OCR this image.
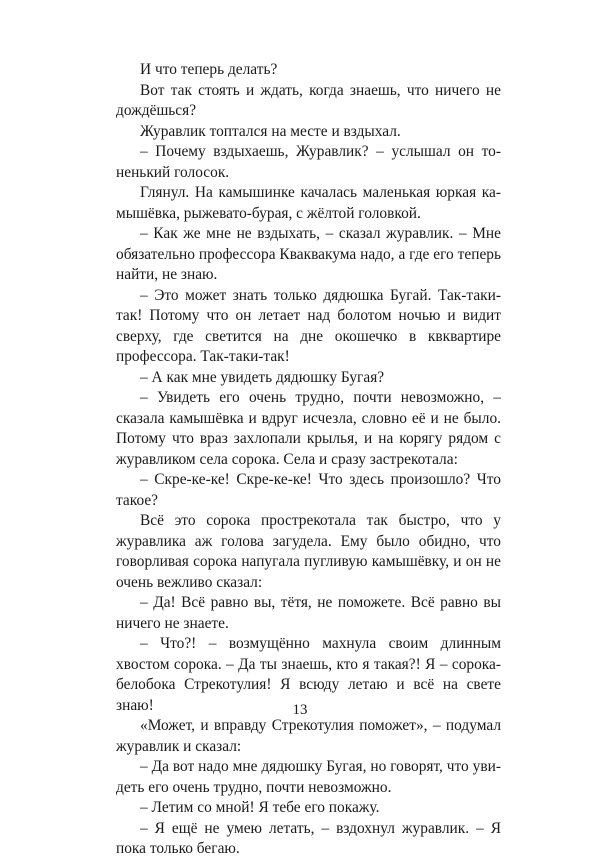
И что теперь делать?

Вот так стоять и ждать, когда знаешь, что ничего не дождёшься?

Журавлик топтался на месте и вздыхал.

– Почему вздыхаешь, Журавлик? – услышал он тоненький голосок.

Глянул. На камышинке качалась маленькая юркая камышёвка, рыжевато-бурая, с жёлтой головкой.

– Как же мне не вздыхать, – сказал журавлик. – Мне обязательно профессора Кваквакума надо, а где его теперь найти, не знаю.

– Это может знать только дядюшка Бугай. Так-таки-так! Потому что он летает над болотом ночью и видит сверху, где светится на дне окошечко в квквартире профессора. Так-таки-так!

– А как мне увидеть дядюшку Бугая?

– Увидеть его очень трудно, почти невозможно, – сказала камышёвка и вдруг исчезла, словно её и не было. Потому что враз захлопали крылья, и на корягу рядом с журавликом села сорока. Села и сразу застрекотала:

– Скре-ке-ке! Скре-ке-ке! Что здесь произошло? Что такое?

Всё это сорока прострекотала так быстро, что у журавлика аж голова загудела. Ему было обидно, что говорливая сорока напугала пугливую камышёвку, и он не очень вежливо сказал:

– Да! Всё равно вы, тётя, не поможете. Всё равно вы ничего не знаете.

– Что?! – возмущённо махнула своим длинным хвостом сорока. – Да ты знаешь, кто я такая?! Я – сорока-белобока Стрекотулия! Я всюду летаю и всё на свете знаю!

«Может, и вправду Стрекотулия поможет», – подумал журавлик и сказал:

– Да вот надо мне дядюшку Бугая, но говорят, что увидеть его очень трудно, почти невозможно.

– Летим со мной! Я тебе его покажу.

– Я ещё не умею летать, – вздохнул журавлик. – Я пока только бегаю.

13
